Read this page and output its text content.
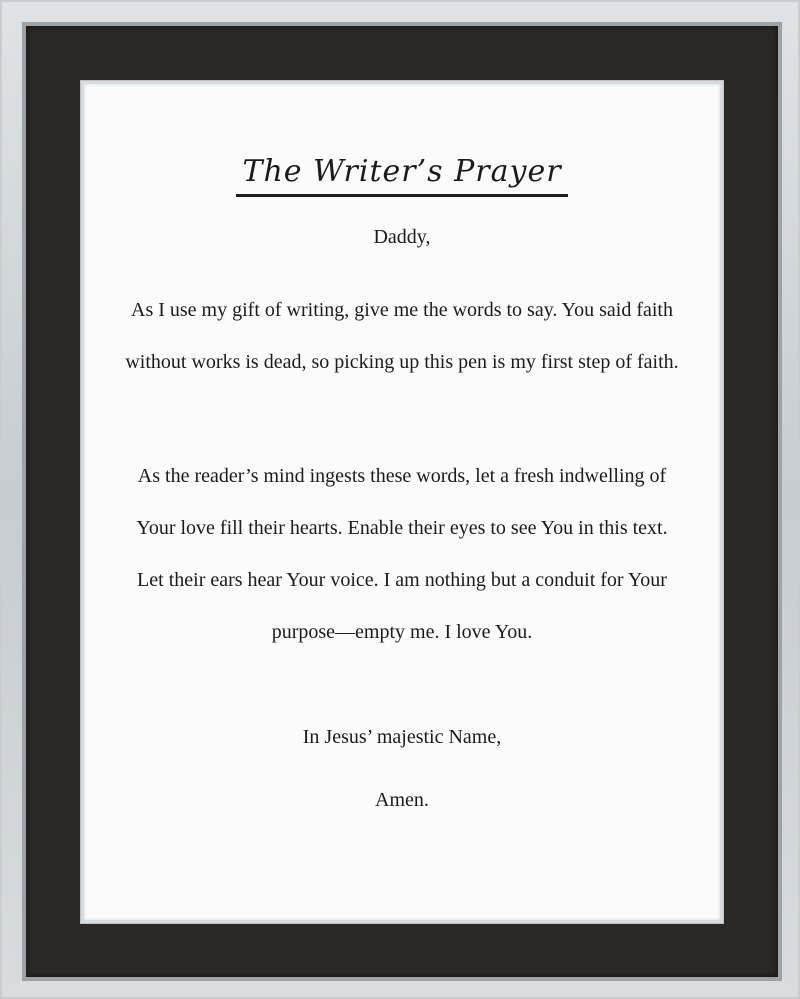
The Writer’s Prayer
Daddy,
As I use my gift of writing, give me the words to say. You said faith without works is dead, so picking up this pen is my first step of faith.
As the reader’s mind ingests these words, let a fresh indwelling of Your love fill their hearts. Enable their eyes to see You in this text. Let their ears hear Your voice. I am nothing but a conduit for Your purpose—empty me. I love You.
In Jesus’ majestic Name,
Amen.
